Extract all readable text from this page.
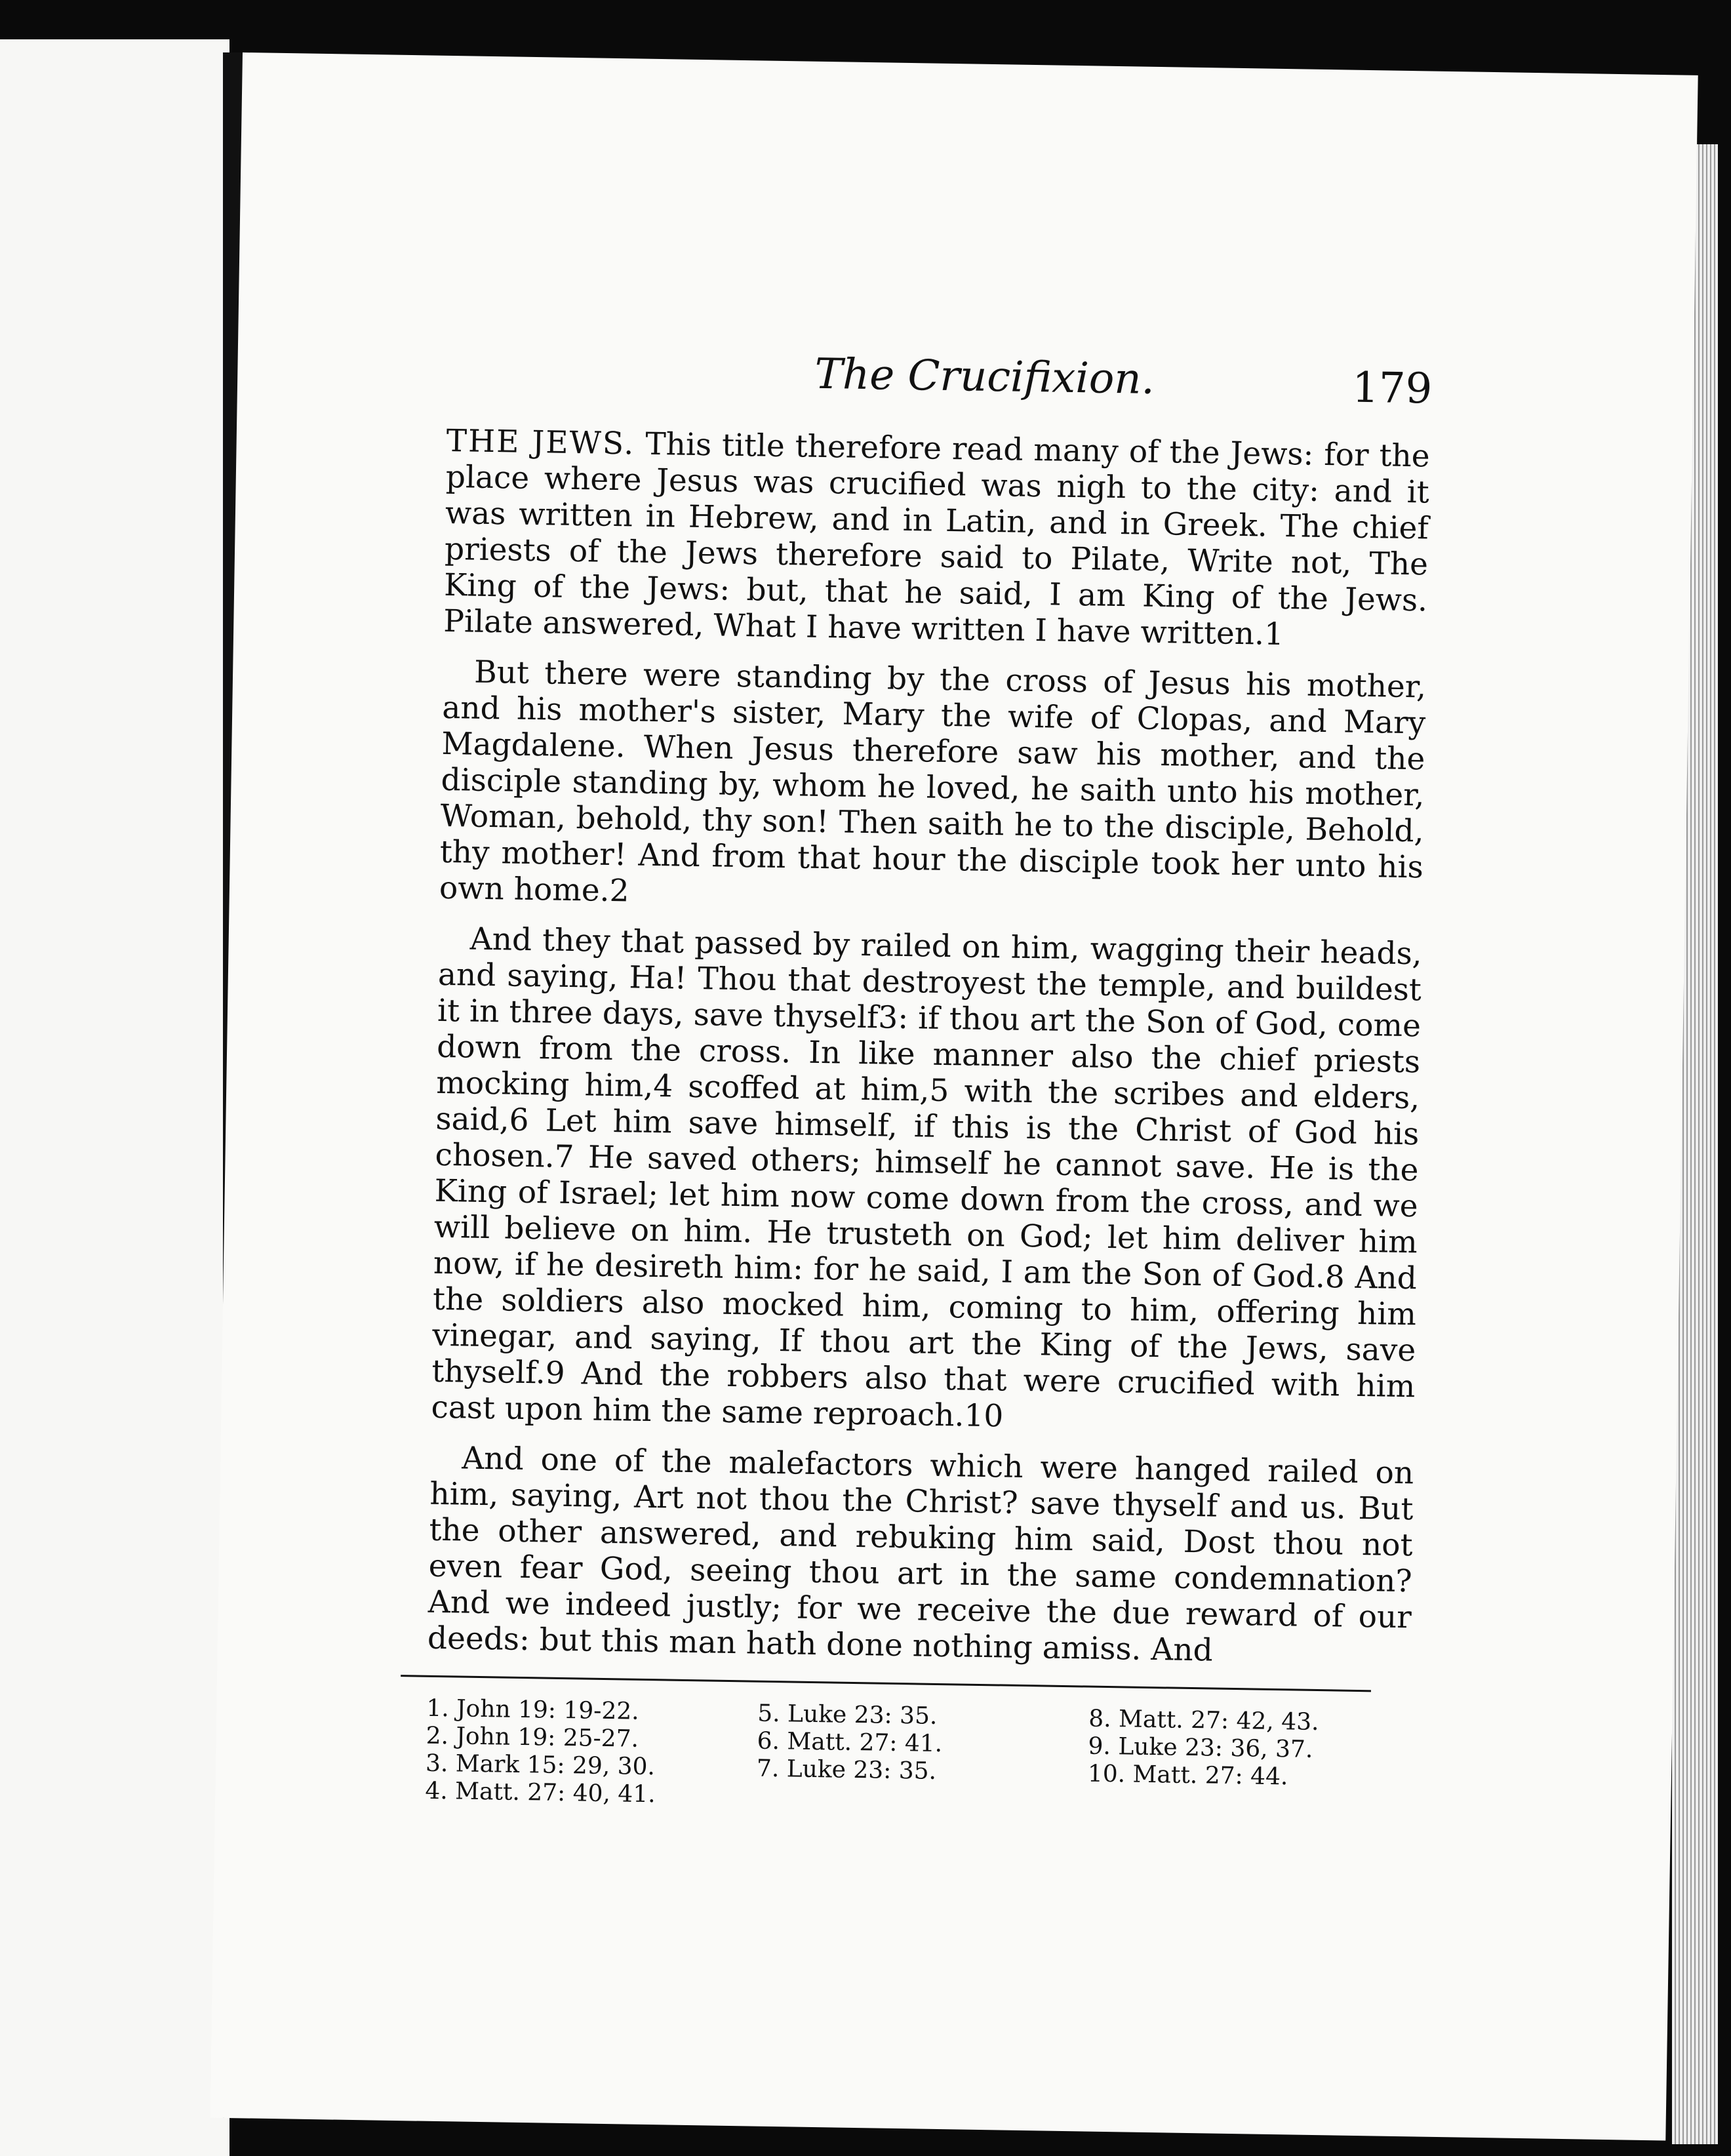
The Crucifixion.	179

THE JEWS. This title therefore read many of the Jews: for the place where Jesus was crucified was nigh to the city: and it was written in Hebrew, and in Latin, and in Greek. The chief priests of the Jews therefore said to Pilate, Write not, The King of the Jews: but, that he said, I am King of the Jews. Pilate answered, What I have written I have written.1

But there were standing by the cross of Jesus his mother, and his mother's sister, Mary the wife of Clopas, and Mary Magdalene. When Jesus therefore saw his mother, and the disciple standing by, whom he loved, he saith unto his mother, Woman, behold, thy son! Then saith he to the disciple, Behold, thy mother! And from that hour the disciple took her unto his own home.2

And they that passed by railed on him, wagging their heads, and saying, Ha! Thou that destroyest the temple, and buildest it in three days, save thyself3: if thou art the Son of God, come down from the cross. In like manner also the chief priests mocking him,4 scoffed at him,5 with the scribes and elders, said,6 Let him save himself, if this is the Christ of God his chosen.7 He saved others; himself he cannot save. He is the King of Israel; let him now come down from the cross, and we will believe on him. He trusteth on God; let him deliver him now, if he desireth him: for he said, I am the Son of God.8 And the soldiers also mocked him, coming to him, offering him vinegar, and saying, If thou art the King of the Jews, save thyself.9 And the robbers also that were crucified with him cast upon him the same reproach.10

And one of the malefactors which were hanged railed on him, saying, Art not thou the Christ? save thyself and us. But the other answered, and rebuking him said, Dost thou not even fear God, seeing thou art in the same condemnation? And we indeed justly; for we receive the due reward of our deeds: but this man hath done nothing amiss. And

1. John 19: 19-22.
2. John 19: 25-27.
3. Mark 15: 29, 30.
4. Matt. 27: 40, 41.
5. Luke 23: 35.
6. Matt. 27: 41.
7. Luke 23: 35.
8. Matt. 27: 42, 43.
9. Luke 23: 36, 37.
10. Matt. 27: 44.
